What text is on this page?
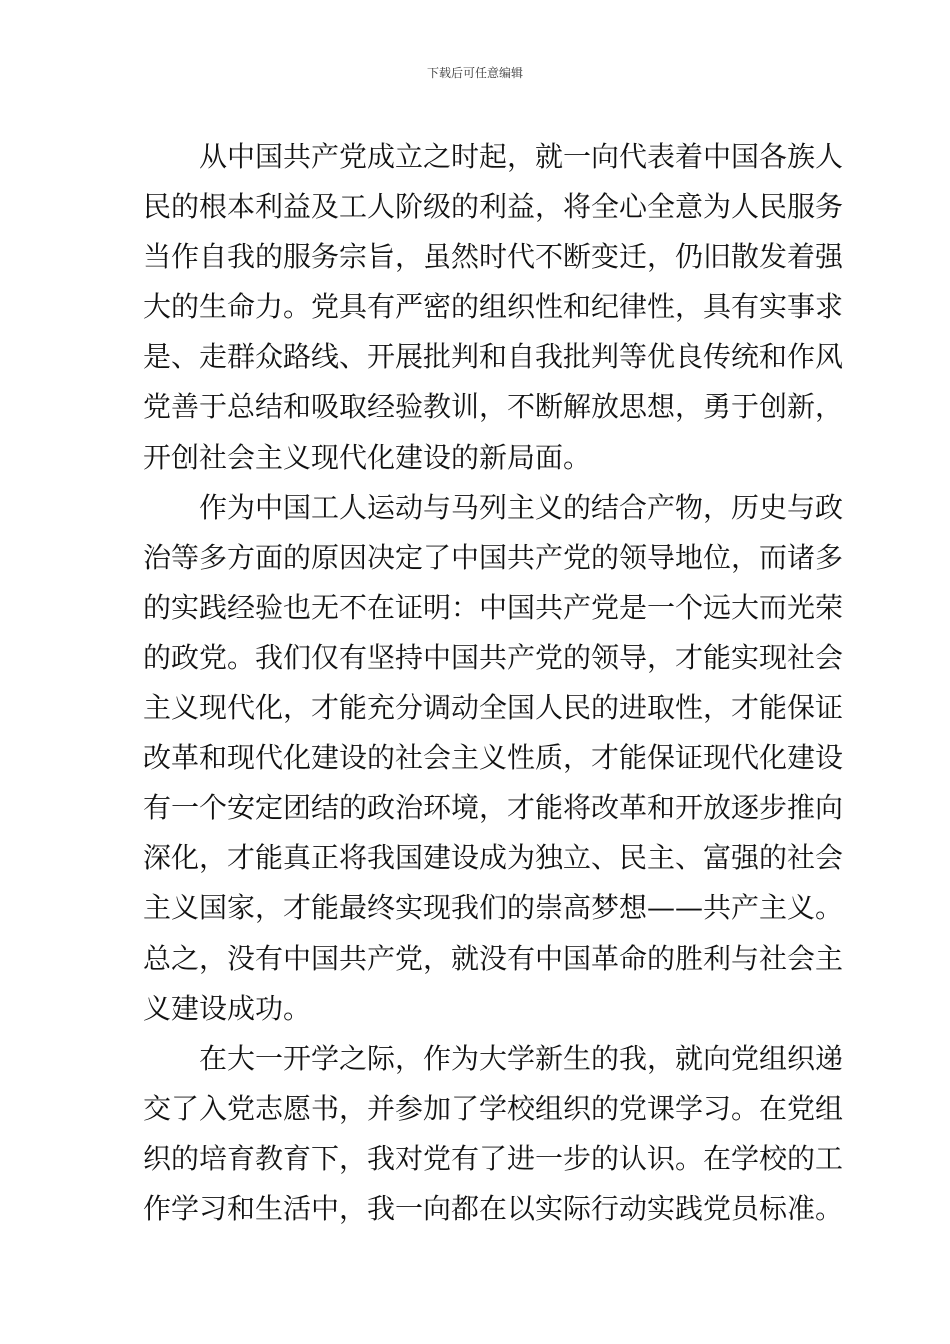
下载后可任意编辑
从中国共产党成立之时起，就一向代表着中国各族人
民的根本利益及工人阶级的利益，将全心全意为人民服务
当作自我的服务宗旨，虽然时代不断变迁，仍旧散发着强
大的生命力。党具有严密的组织性和纪律性，具有实事求
是、走群众路线、开展批判和自我批判等优良传统和作风
党善于总结和吸取经验教训，不断解放思想，勇于创新，
开创社会主义现代化建设的新局面。
作为中国工人运动与马列主义的结合产物，历史与政
治等多方面的原因决定了中国共产党的领导地位，而诸多
的实践经验也无不在证明：中国共产党是一个远大而光荣
的政党。我们仅有坚持中国共产党的领导，才能实现社会
主义现代化，才能充分调动全国人民的进取性，才能保证
改革和现代化建设的社会主义性质，才能保证现代化建设
有一个安定团结的政治环境，才能将改革和开放逐步推向
深化，才能真正将我国建设成为独立、民主、富强的社会
主义国家，才能最终实现我们的崇高梦想——共产主义。
总之，没有中国共产党，就没有中国革命的胜利与社会主
义建设成功。
在大一开学之际，作为大学新生的我，就向党组织递
交了入党志愿书，并参加了学校组织的党课学习。在党组
织的培育教育下，我对党有了进一步的认识。在学校的工
作学习和生活中，我一向都在以实际行动实践党员标准。
